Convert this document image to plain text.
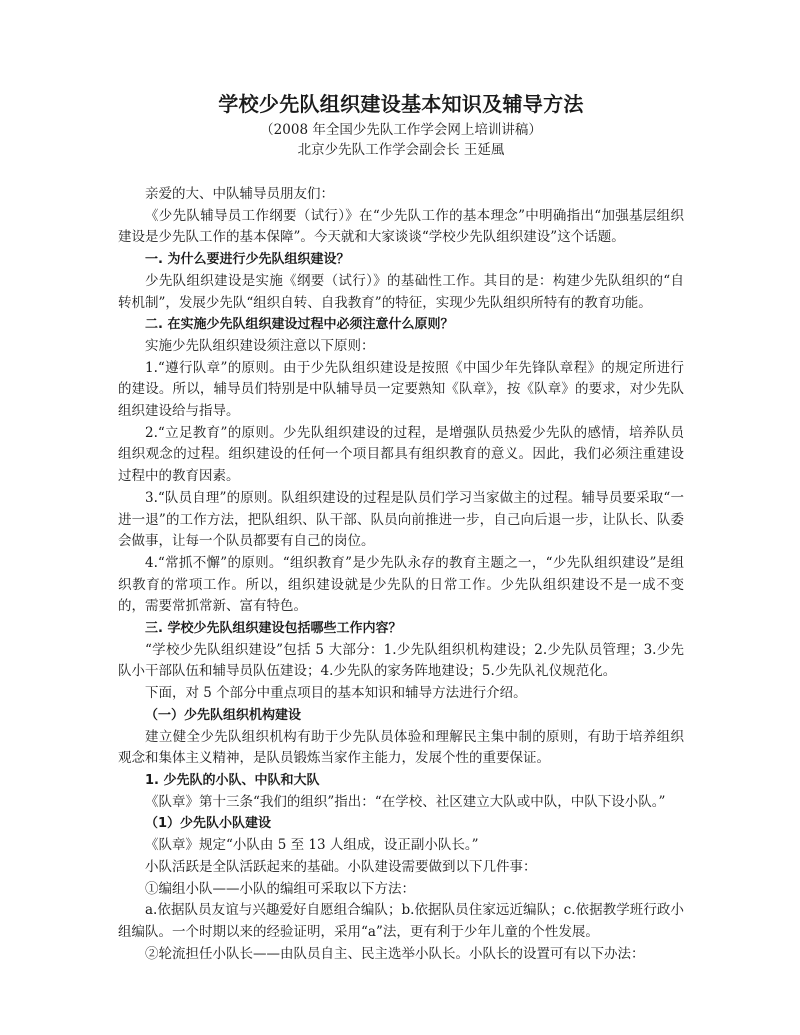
学校少先队组织建设基本知识及辅导方法

（2008 年全国少先队工作学会网上培训讲稿）

北京少先队工作学会副会长 王延風

亲爱的大、中队辅导员朋友们：

《少先队辅导员工作纲要（试行）》在“少先队工作的基本理念”中明确指出“加强基层组织建设是少先队工作的基本保障”。今天就和大家谈谈“学校少先队组织建设”这个话题。

一. 为什么要进行少先队组织建设？

少先队组织建设是实施《纲要（试行）》的基础性工作。其目的是：构建少先队组织的“自转机制”，发展少先队“组织自转、自我教育”的特征，实现少先队组织所特有的教育功能。

二. 在实施少先队组织建设过程中必须注意什么原则？

实施少先队组织建设须注意以下原则：

1.“遵行队章”的原则。由于少先队组织建设是按照《中国少年先锋队章程》的规定所进行的建设。所以，辅导员们特别是中队辅导员一定要熟知《队章》，按《队章》的要求，对少先队组织建设给与指导。

2.“立足教育”的原则。少先队组织建设的过程，是增强队员热爱少先队的感情，培养队员组织观念的过程。组织建设的任何一个项目都具有组织教育的意义。因此，我们必须注重建设过程中的教育因素。

3.“队员自理”的原则。队组织建设的过程是队员们学习当家做主的过程。辅导员要采取“一进一退”的工作方法，把队组织、队干部、队员向前推进一步，自己向后退一步，让队长、队委会做事，让每一个队员都要有自己的岗位。

4.“常抓不懈”的原则。“组织教育”是少先队永存的教育主题之一，“少先队组织建设”是组织教育的常项工作。所以，组织建设就是少先队的日常工作。少先队组织建设不是一成不变的，需要常抓常新、富有特色。

三. 学校少先队组织建设包括哪些工作内容？

“学校少先队组织建设”包括 5 大部分：1.少先队组织机构建设；2.少先队员管理；3.少先队小干部队伍和辅导员队伍建设；4.少先队的家务阵地建设；5.少先队礼仪规范化。

下面，对 5 个部分中重点项目的基本知识和辅导方法进行介绍。

（一）少先队组织机构建设

建立健全少先队组织机构有助于少先队员体验和理解民主集中制的原则，有助于培养组织观念和集体主义精神，是队员锻炼当家作主能力，发展个性的重要保证。

1. 少先队的小队、中队和大队

《队章》第十三条“我们的组织”指出：“在学校、社区建立大队或中队，中队下设小队。”

（1）少先队小队建设

《队章》规定“小队由 5 至 13 人组成，设正副小队长。”

小队活跃是全队活跃起来的基础。小队建设需要做到以下几件事：

①编组小队——小队的编组可采取以下方法：

a.依据队员友谊与兴趣爱好自愿组合编队；b.依据队员住家远近编队；c.依据教学班行政小组编队。一个时期以来的经验证明，采用“a”法，更有利于少年儿童的个性发展。

②轮流担任小队长——由队员自主、民主选举小队长。小队长的设置可有以下办法：
